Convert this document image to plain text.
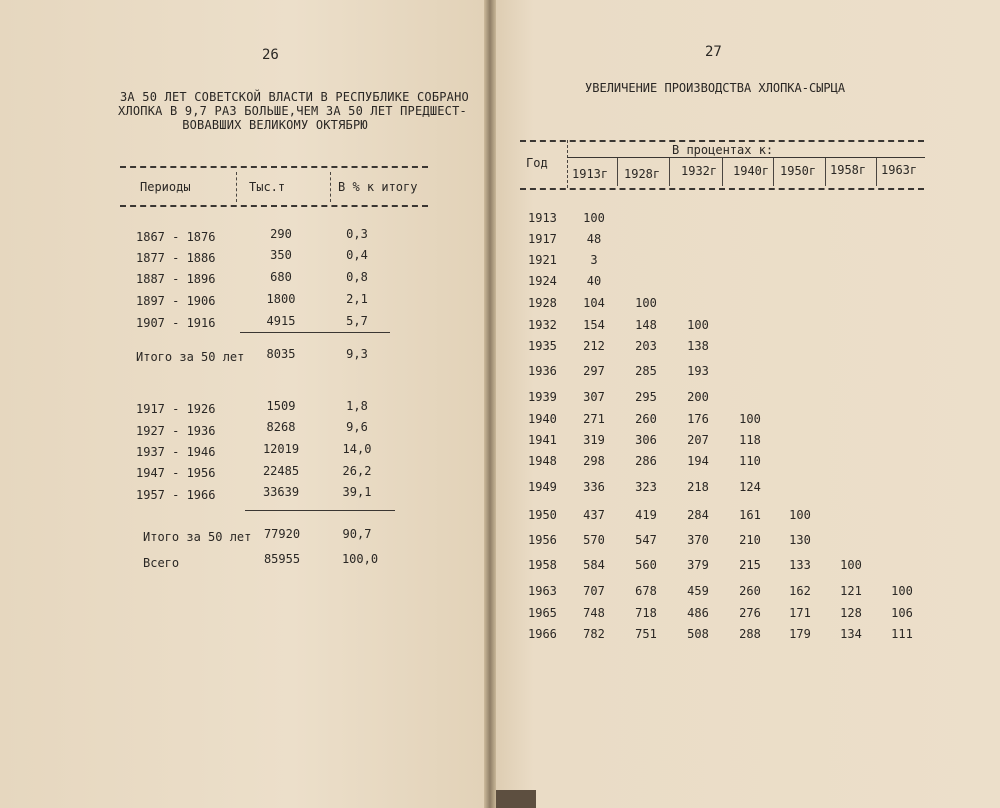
26
ЗА 50 ЛЕТ СОВЕТСКОЙ ВЛАСТИ В РЕСПУБЛИКЕ СОБРАНО
ХЛОПКА В 9,7 РАЗ БОЛЬШЕ,ЧЕМ ЗА 50 ЛЕТ ПРЕДШЕСТ-
ВОВАВШИХ ВЕЛИКОМУ ОКТЯБРЮ
Периоды	Тыс.т	В % к итогу
1867 - 1876	290	0,3
1877 - 1886	350	0,4
1887 - 1896	680	0,8
1897 - 1906	1800	2,1
1907 - 1916	4915	5,7
Итого за 50 лет	8035	9,3
1917 - 1926	1509	1,8
1927 - 1936	8268	9,6
1937 - 1946	12019	14,0
1947 - 1956	22485	26,2
1957 - 1966	33639	39,1
Итого за 50 лет	77920	90,7
Всего	85955	100,0
27
УВЕЛИЧЕНИЕ ПРОИЗВОДСТВА ХЛОПКА-СЫРЦА
Год
В процентах к:
1913г 1928г 1932г 1940г 1950г 1958г 1963г
1913	100
1917	48
1921	3
1924	40
1928	104	100
1932	154	148	100
1935	212	203	138
1936	297	285	193
1939	307	295	200
1940	271	260	176	100
1941	319	306	207	118
1948	298	286	194	110
1949	336	323	218	124
1950	437	419	284	161	100
1956	570	547	370	210	130
1958	584	560	379	215	133	100
1963	707	678	459	260	162	121	100
1965	748	718	486	276	171	128	106
1966	782	751	508	288	179	134	111
